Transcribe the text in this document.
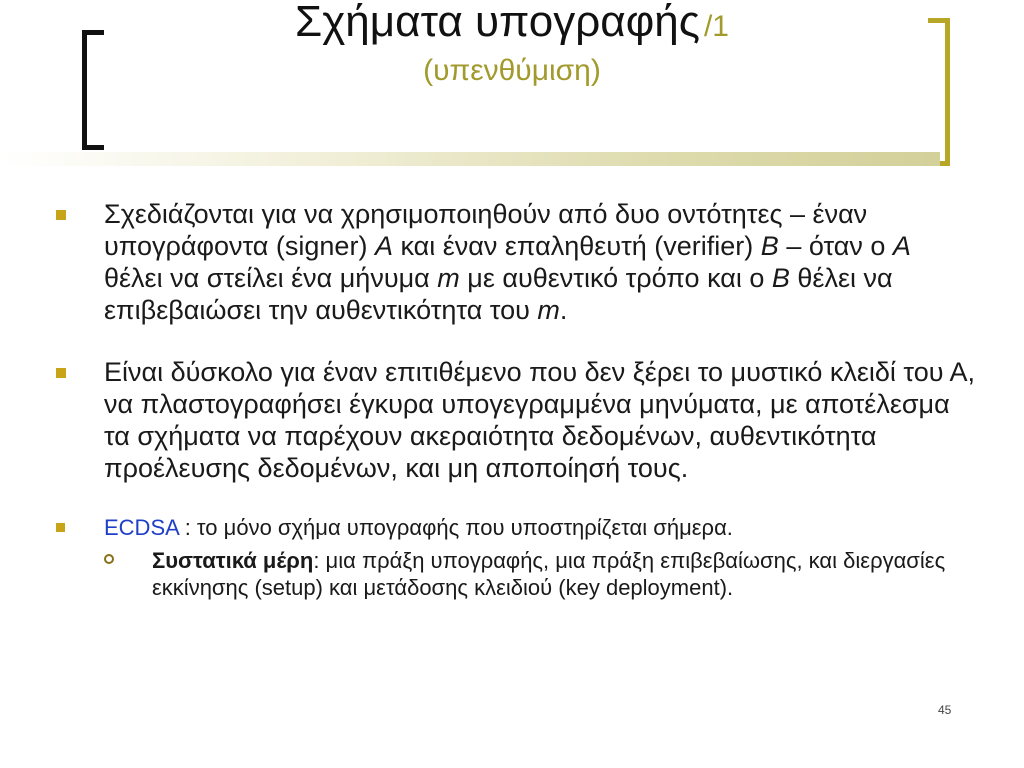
Σχήματα υπογραφής /1
(υπενθύμιση)
Σχεδιάζονται για να χρησιμοποιηθούν από δυο οντότητες – έναν υπογράφοντα (signer) A και έναν επαληθευτή (verifier) B – όταν ο A θέλει να στείλει ένα μήνυμα m με αυθεντικό τρόπο και ο B θέλει να επιβεβαιώσει την αυθεντικότητα του m.
Είναι δύσκολο για έναν επιτιθέμενο που δεν ξέρει το μυστικό κλειδί του Α, να πλαστογραφήσει έγκυρα υπογεγραμμένα μηνύματα, με αποτέλεσμα τα σχήματα να παρέχουν ακεραιότητα δεδομένων, αυθεντικότητα προέλευσης δεδομένων, και μη αποποίησή τους.
ECDSA : το μόνο σχήμα υπογραφής που υποστηρίζεται σήμερα.
Συστατικά μέρη: μια πράξη υπογραφής, μια πράξη επιβεβαίωσης, και διεργασίες εκκίνησης (setup) και μετάδοσης κλειδιού (key deployment).
45
